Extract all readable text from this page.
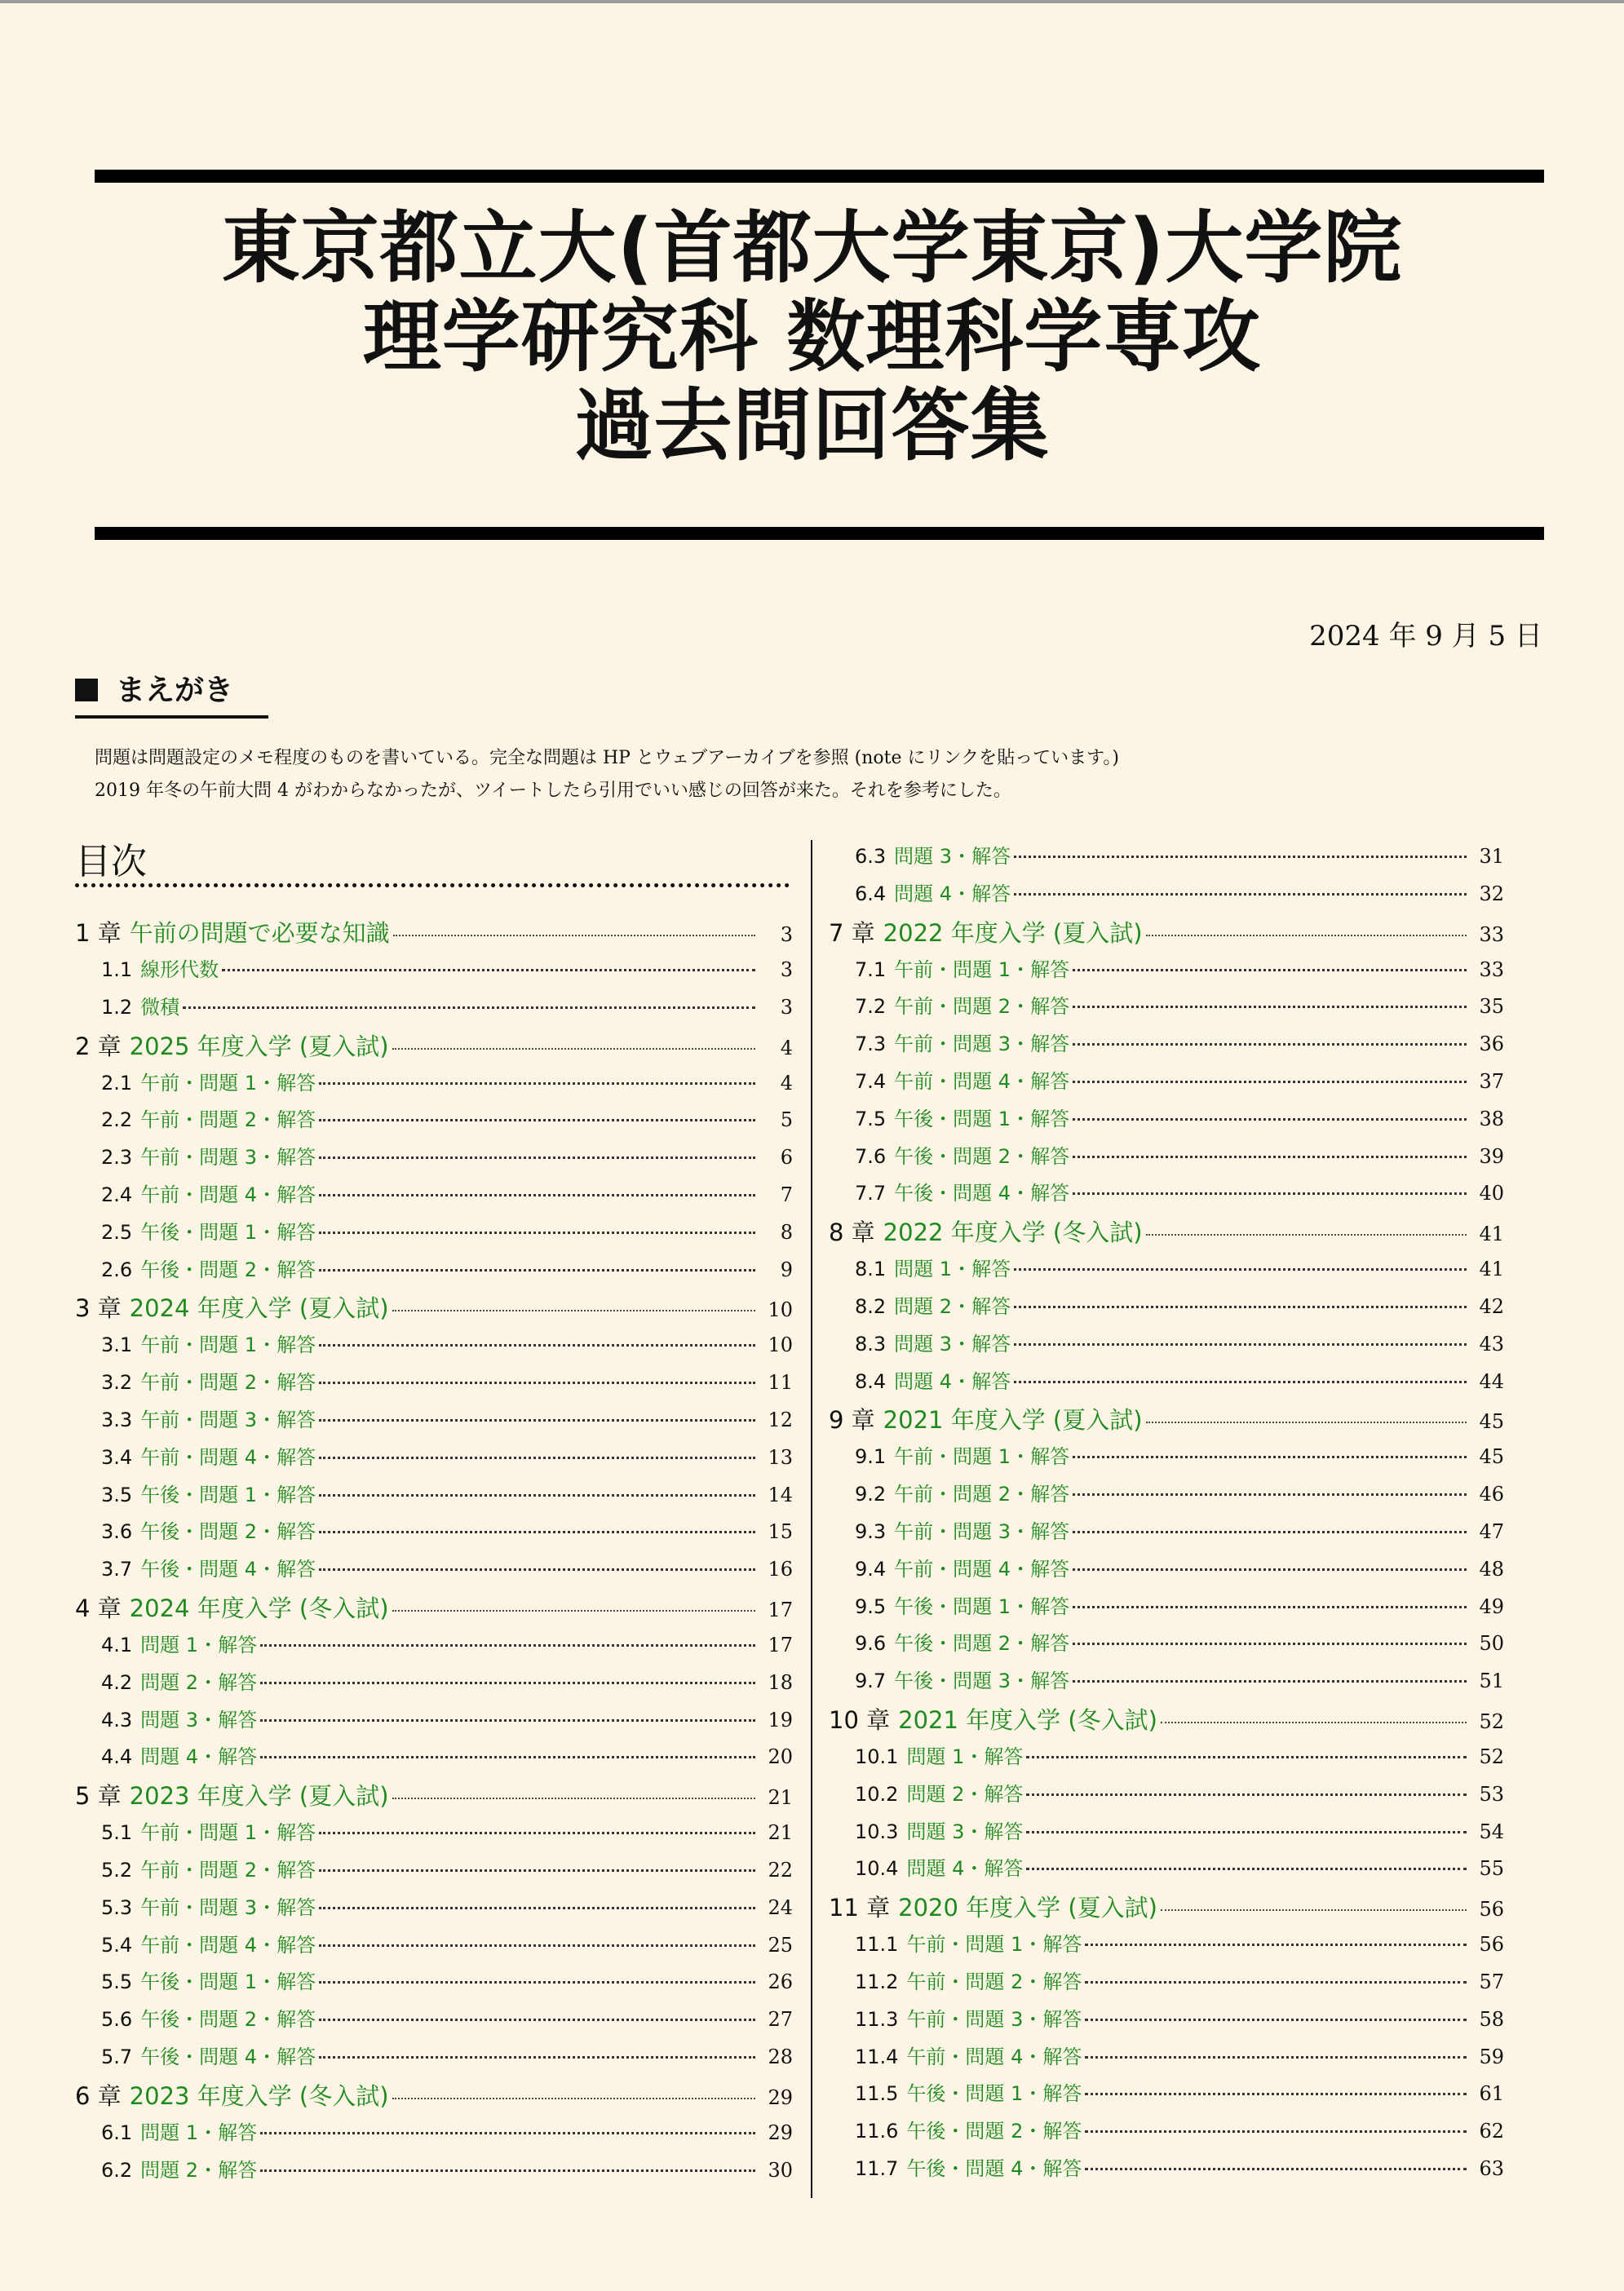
東京都立大(首都大学東京)大学院
理学研究科 数理科学専攻
過去問回答集
2024 年 9 月 5 日
まえがき
問題は問題設定のメモ程度のものを書いている。完全な問題は HP とウェブアーカイブを参照 (note にリンクを貼っています。)
2019 年冬の午前大問 4 がわからなかったが、ツイートしたら引用でいい感じの回答が来た。それを参考にした。
目次
1 章 午前の問題で必要な知識	3
1.1 線形代数	3
1.2 微積	3
2 章 2025 年度入学 (夏入試)	4
2.1 午前・問題 1・解答	4
2.2 午前・問題 2・解答	5
2.3 午前・問題 3・解答	6
2.4 午前・問題 4・解答	7
2.5 午後・問題 1・解答	8
2.6 午後・問題 2・解答	9
3 章 2024 年度入学 (夏入試)	10
3.1 午前・問題 1・解答	10
3.2 午前・問題 2・解答	11
3.3 午前・問題 3・解答	12
3.4 午前・問題 4・解答	13
3.5 午後・問題 1・解答	14
3.6 午後・問題 2・解答	15
3.7 午後・問題 4・解答	16
4 章 2024 年度入学 (冬入試)	17
4.1 問題 1・解答	17
4.2 問題 2・解答	18
4.3 問題 3・解答	19
4.4 問題 4・解答	20
5 章 2023 年度入学 (夏入試)	21
5.1 午前・問題 1・解答	21
5.2 午前・問題 2・解答	22
5.3 午前・問題 3・解答	24
5.4 午前・問題 4・解答	25
5.5 午後・問題 1・解答	26
5.6 午後・問題 2・解答	27
5.7 午後・問題 4・解答	28
6 章 2023 年度入学 (冬入試)	29
6.1 問題 1・解答	29
6.2 問題 2・解答	30
6.3 問題 3・解答	31
6.4 問題 4・解答	32
7 章 2022 年度入学 (夏入試)	33
7.1 午前・問題 1・解答	33
7.2 午前・問題 2・解答	35
7.3 午前・問題 3・解答	36
7.4 午前・問題 4・解答	37
7.5 午後・問題 1・解答	38
7.6 午後・問題 2・解答	39
7.7 午後・問題 4・解答	40
8 章 2022 年度入学 (冬入試)	41
8.1 問題 1・解答	41
8.2 問題 2・解答	42
8.3 問題 3・解答	43
8.4 問題 4・解答	44
9 章 2021 年度入学 (夏入試)	45
9.1 午前・問題 1・解答	45
9.2 午前・問題 2・解答	46
9.3 午前・問題 3・解答	47
9.4 午前・問題 4・解答	48
9.5 午後・問題 1・解答	49
9.6 午後・問題 2・解答	50
9.7 午後・問題 3・解答	51
10 章 2021 年度入学 (冬入試)	52
10.1 問題 1・解答	52
10.2 問題 2・解答	53
10.3 問題 3・解答	54
10.4 問題 4・解答	55
11 章 2020 年度入学 (夏入試)	56
11.1 午前・問題 1・解答	56
11.2 午前・問題 2・解答	57
11.3 午前・問題 3・解答	58
11.4 午前・問題 4・解答	59
11.5 午後・問題 1・解答	61
11.6 午後・問題 2・解答	62
11.7 午後・問題 4・解答	63
